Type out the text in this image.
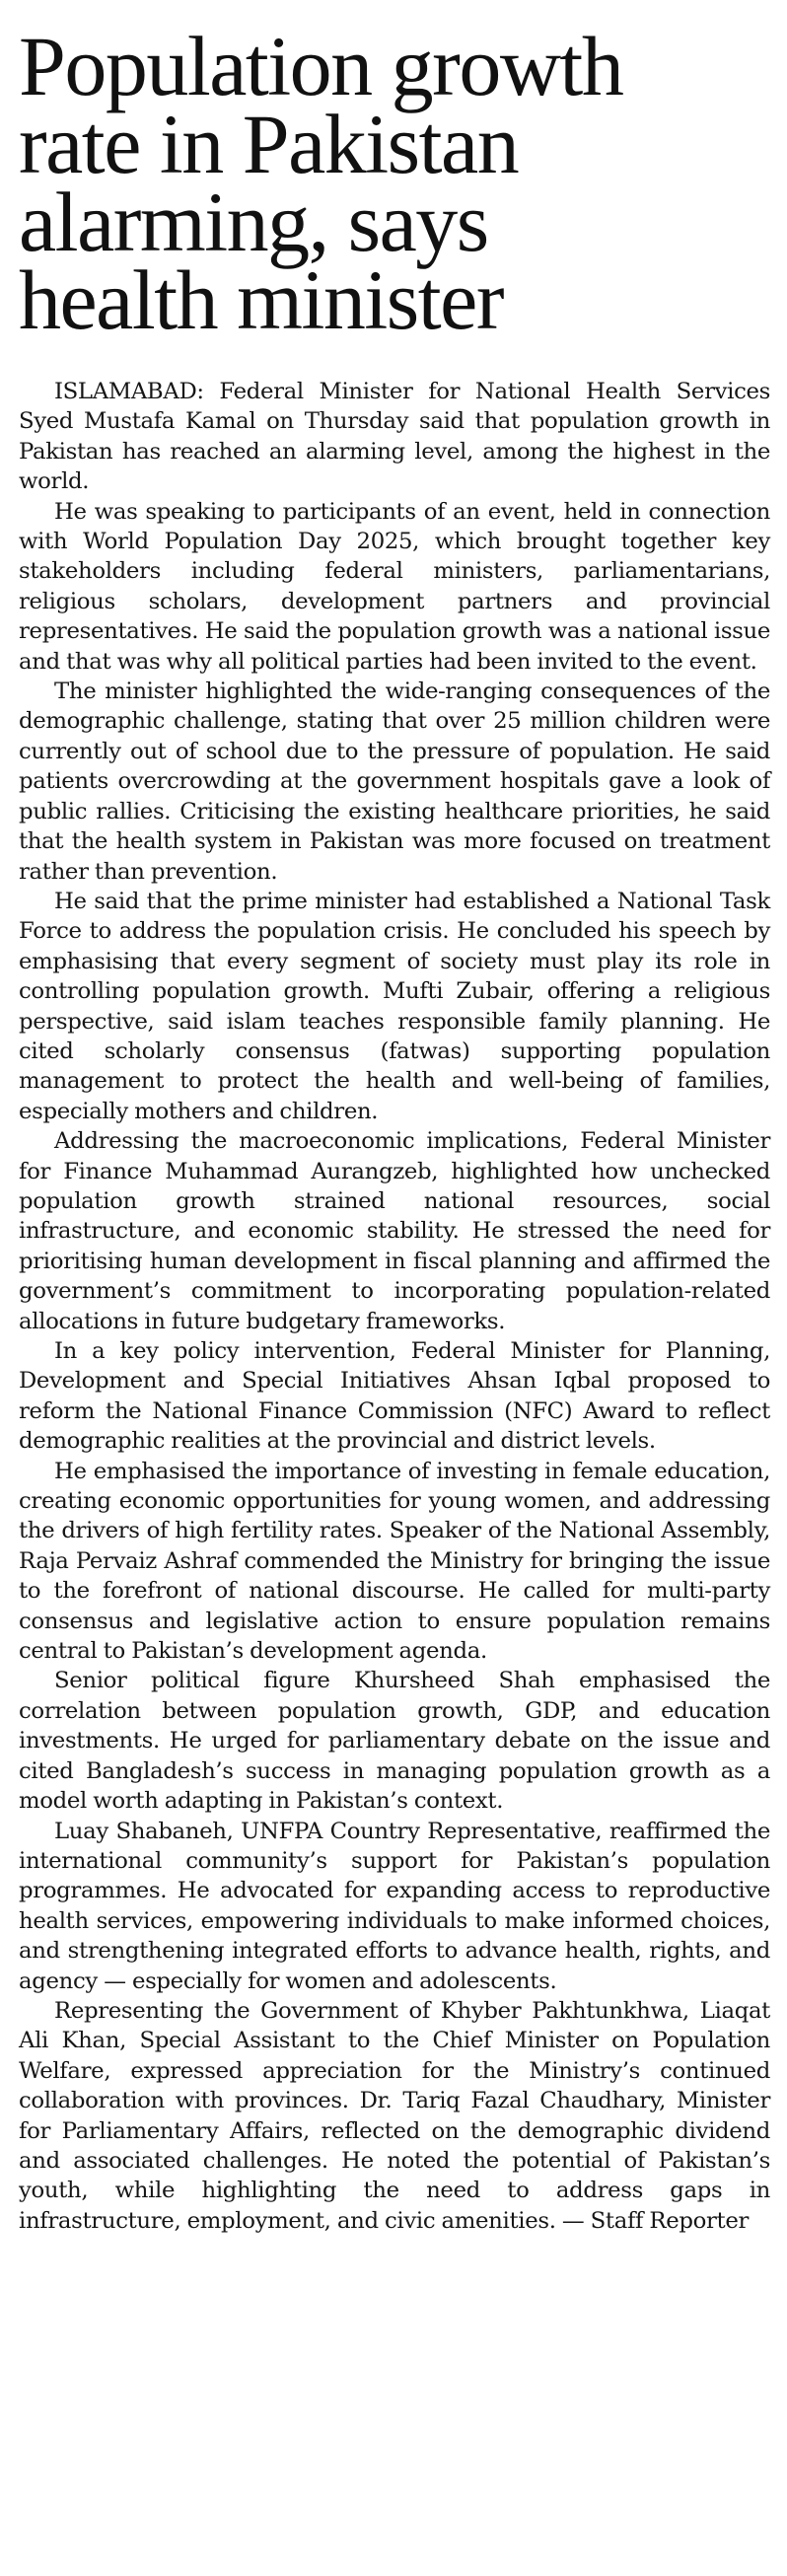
Population growth
rate in Pakistan
alarming, says
health minister

ISLAMABAD: Federal Minister for National Health Services Syed Mustafa Kamal on Thursday said that population growth in Pakistan has reached an alarming level, among the highest in the world.

He was speaking to participants of an event, held in connection with World Population Day 2025, which brought together key stakeholders including federal ministers, parliamentarians, religious scholars, development partners and provincial representatives. He said the population growth was a national issue and that was why all political parties had been invited to the event.

The minister highlighted the wide-ranging consequences of the demographic challenge, stating that over 25 million children were currently out of school due to the pressure of population. He said patients overcrowding at the government hospitals gave a look of public rallies. Criticising the existing healthcare priorities, he said that the health system in Pakistan was more focused on treatment rather than prevention.

He said that the prime minister had established a National Task Force to address the population crisis. He concluded his speech by emphasising that every segment of society must play its role in controlling population growth. Mufti Zubair, offering a religious perspective, said islam teaches responsible family planning. He cited scholarly consensus (fatwas) supporting population management to protect the health and well-being of families, especially mothers and children.

Addressing the macroeconomic implications, Federal Minister for Finance Muhammad Aurangzeb, highlighted how unchecked population growth strained national resources, social infrastructure, and economic stability. He stressed the need for prioritising human development in fiscal planning and affirmed the government’s commitment to incorporating population-related allocations in future budgetary frameworks.

In a key policy intervention, Federal Minister for Planning, Development and Special Initiatives Ahsan Iqbal proposed to reform the National Finance Commission (NFC) Award to reflect demographic realities at the provincial and district levels.

He emphasised the importance of investing in female education, creating economic opportunities for young women, and addressing the drivers of high fertility rates. Speaker of the National Assembly, Raja Pervaiz Ashraf commended the Ministry for bringing the issue to the forefront of national discourse. He called for multi-party consensus and legislative action to ensure population remains central to Pakistan’s development agenda.

Senior political figure Khursheed Shah emphasised the correlation between population growth, GDP, and education investments. He urged for parliamentary debate on the issue and cited Bangladesh’s success in managing population growth as a model worth adapting in Pakistan’s context.

Luay Shabaneh, UNFPA Country Representative, reaffirmed the international community’s support for Pakistan’s population programmes. He advocated for expanding access to reproductive health services, empowering individuals to make informed choices, and strengthening integrated efforts to advance health, rights, and agency — especially for women and adolescents.

Representing the Government of Khyber Pakhtunkhwa, Liaqat Ali Khan, Special Assistant to the Chief Minister on Population Welfare, expressed appreciation for the Ministry’s continued collaboration with provinces. Dr. Tariq Fazal Chaudhary, Minister for Parliamentary Affairs, reflected on the demographic dividend and associated challenges. He noted the potential of Pakistan’s youth, while highlighting the need to address gaps in infrastructure, employment, and civic amenities. — Staff Reporter
